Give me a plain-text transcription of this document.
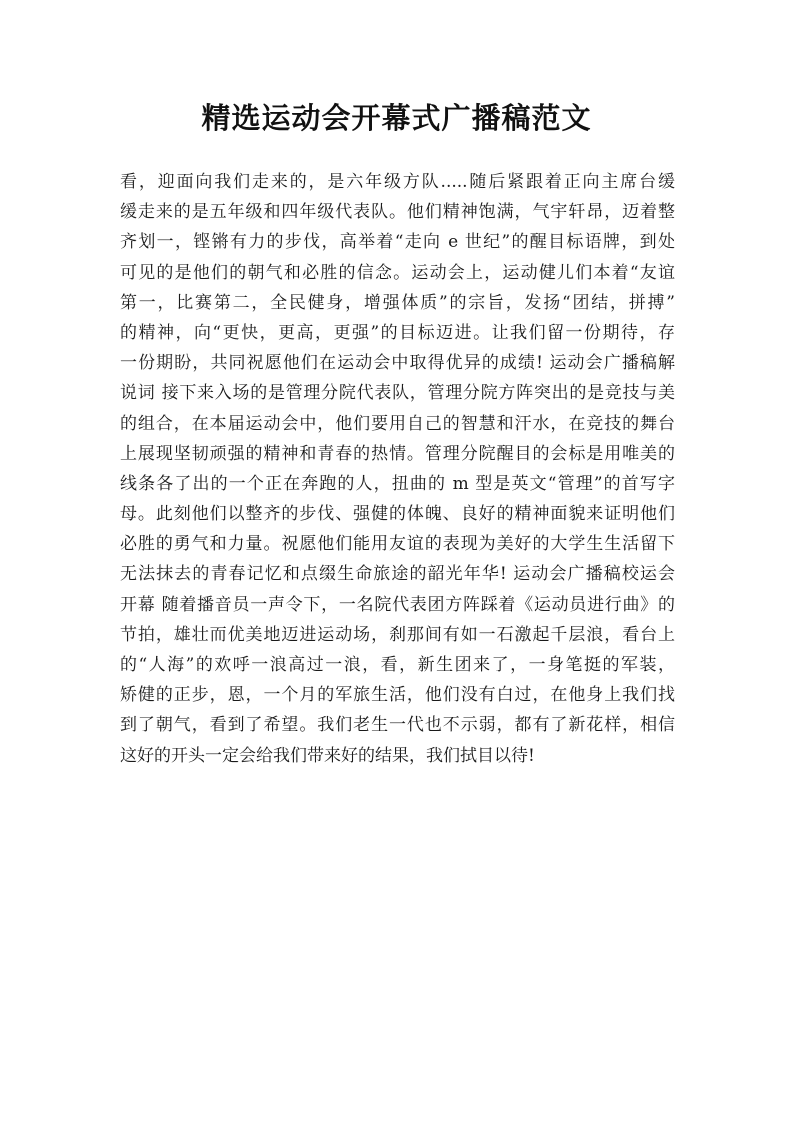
精选运动会开幕式广播稿范文
看，迎面向我们走来的，是六年级方队.....随后紧跟着正向主席台缓
缓走来的是五年级和四年级代表队。他们精神饱满，气宇轩昂，迈着整
齐划一，铿锵有力的步伐，高举着“走向 e 世纪”的醒目标语牌，到处
可见的是他们的朝气和必胜的信念。运动会上，运动健儿们本着“友谊
第一，比赛第二，全民健身，增强体质”的宗旨，发扬“团结，拼搏”
的精神，向“更快，更高，更强”的目标迈进。让我们留一份期待，存
一份期盼，共同祝愿他们在运动会中取得优异的成绩! 运动会广播稿解
说词 接下来入场的是管理分院代表队，管理分院方阵突出的是竞技与美
的组合，在本届运动会中，他们要用自己的智慧和汗水，在竞技的舞台
上展现坚韧顽强的精神和青春的热情。管理分院醒目的会标是用唯美的
线条各了出的一个正在奔跑的人，扭曲的 m 型是英文“管理”的首写字
母。此刻他们以整齐的步伐、强健的体魄、良好的精神面貌来证明他们
必胜的勇气和力量。祝愿他们能用友谊的表现为美好的大学生生活留下
无法抹去的青春记忆和点缀生命旅途的韶光年华! 运动会广播稿校运会
开幕 随着播音员一声令下，一名院代表团方阵踩着《运动员进行曲》的
节拍，雄壮而优美地迈进运动场，刹那间有如一石激起千层浪，看台上
的“人海”的欢呼一浪高过一浪，看，新生团来了，一身笔挺的军装，
矫健的正步，恩，一个月的军旅生活，他们没有白过，在他身上我们找
到了朝气，看到了希望。我们老生一代也不示弱，都有了新花样，相信
这好的开头一定会给我们带来好的结果，我们拭目以待!
